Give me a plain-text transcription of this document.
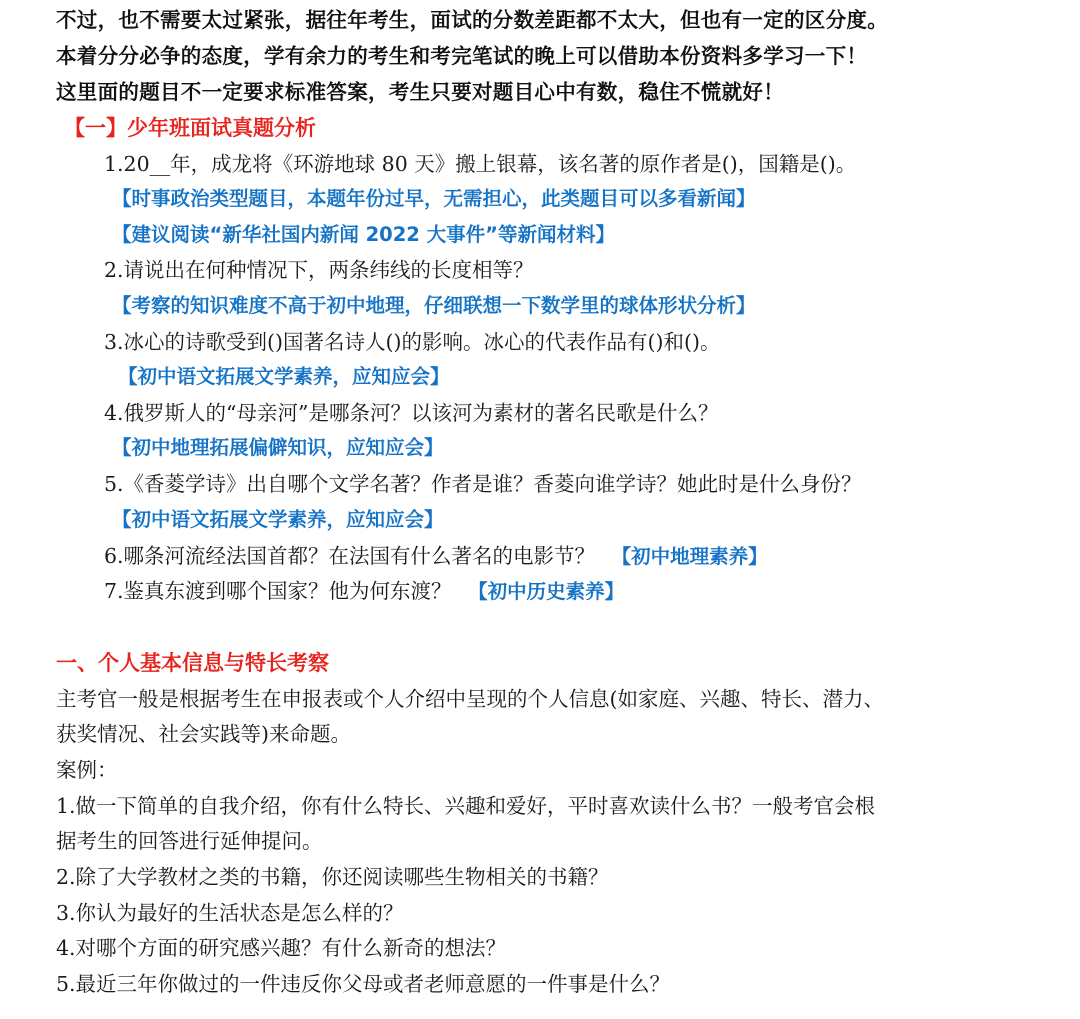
不过，也不需要太过紧张，据往年考生，面试的分数差距都不太大，但也有一定的区分度。

本着分分必争的态度，学有余力的考生和考完笔试的晚上可以借助本份资料多学习一下！

这里面的题目不一定要求标准答案，考生只要对题目心中有数，稳住不慌就好！

【一】少年班面试真题分析

1.20__年，成龙将《环游地球 80 天》搬上银幕，该名著的原作者是()，国籍是()。

【时事政治类型题目，本题年份过早，无需担心，此类题目可以多看新闻】

【建议阅读“新华社国内新闻 2022 大事件”等新闻材料】

2.请说出在何种情况下，两条纬线的长度相等？

【考察的知识难度不高于初中地理，仔细联想一下数学里的球体形状分析】

3.冰心的诗歌受到()国著名诗人()的影响。冰心的代表作品有()和()。

【初中语文拓展文学素养，应知应会】

4.俄罗斯人的“母亲河”是哪条河？以该河为素材的著名民歌是什么？

【初中地理拓展偏僻知识，应知应会】

5.《香菱学诗》出自哪个文学名著？作者是谁？香菱向谁学诗？她此时是什么身份？

【初中语文拓展文学素养，应知应会】

6.哪条河流经法国首都？在法国有什么著名的电影节？ 【初中地理素养】

7.鉴真东渡到哪个国家？他为何东渡？ 【初中历史素养】

一、个人基本信息与特长考察

主考官一般是根据考生在申报表或个人介绍中呈现的个人信息(如家庭、兴趣、特长、潜力、

获奖情况、社会实践等)来命题。

案例：

1.做一下简单的自我介绍，你有什么特长、兴趣和爱好，平时喜欢读什么书？一般考官会根

据考生的回答进行延伸提问。

2.除了大学教材之类的书籍，你还阅读哪些生物相关的书籍？

3.你认为最好的生活状态是怎么样的？

4.对哪个方面的研究感兴趣？有什么新奇的想法？

5.最近三年你做过的一件违反你父母或者老师意愿的一件事是什么？
